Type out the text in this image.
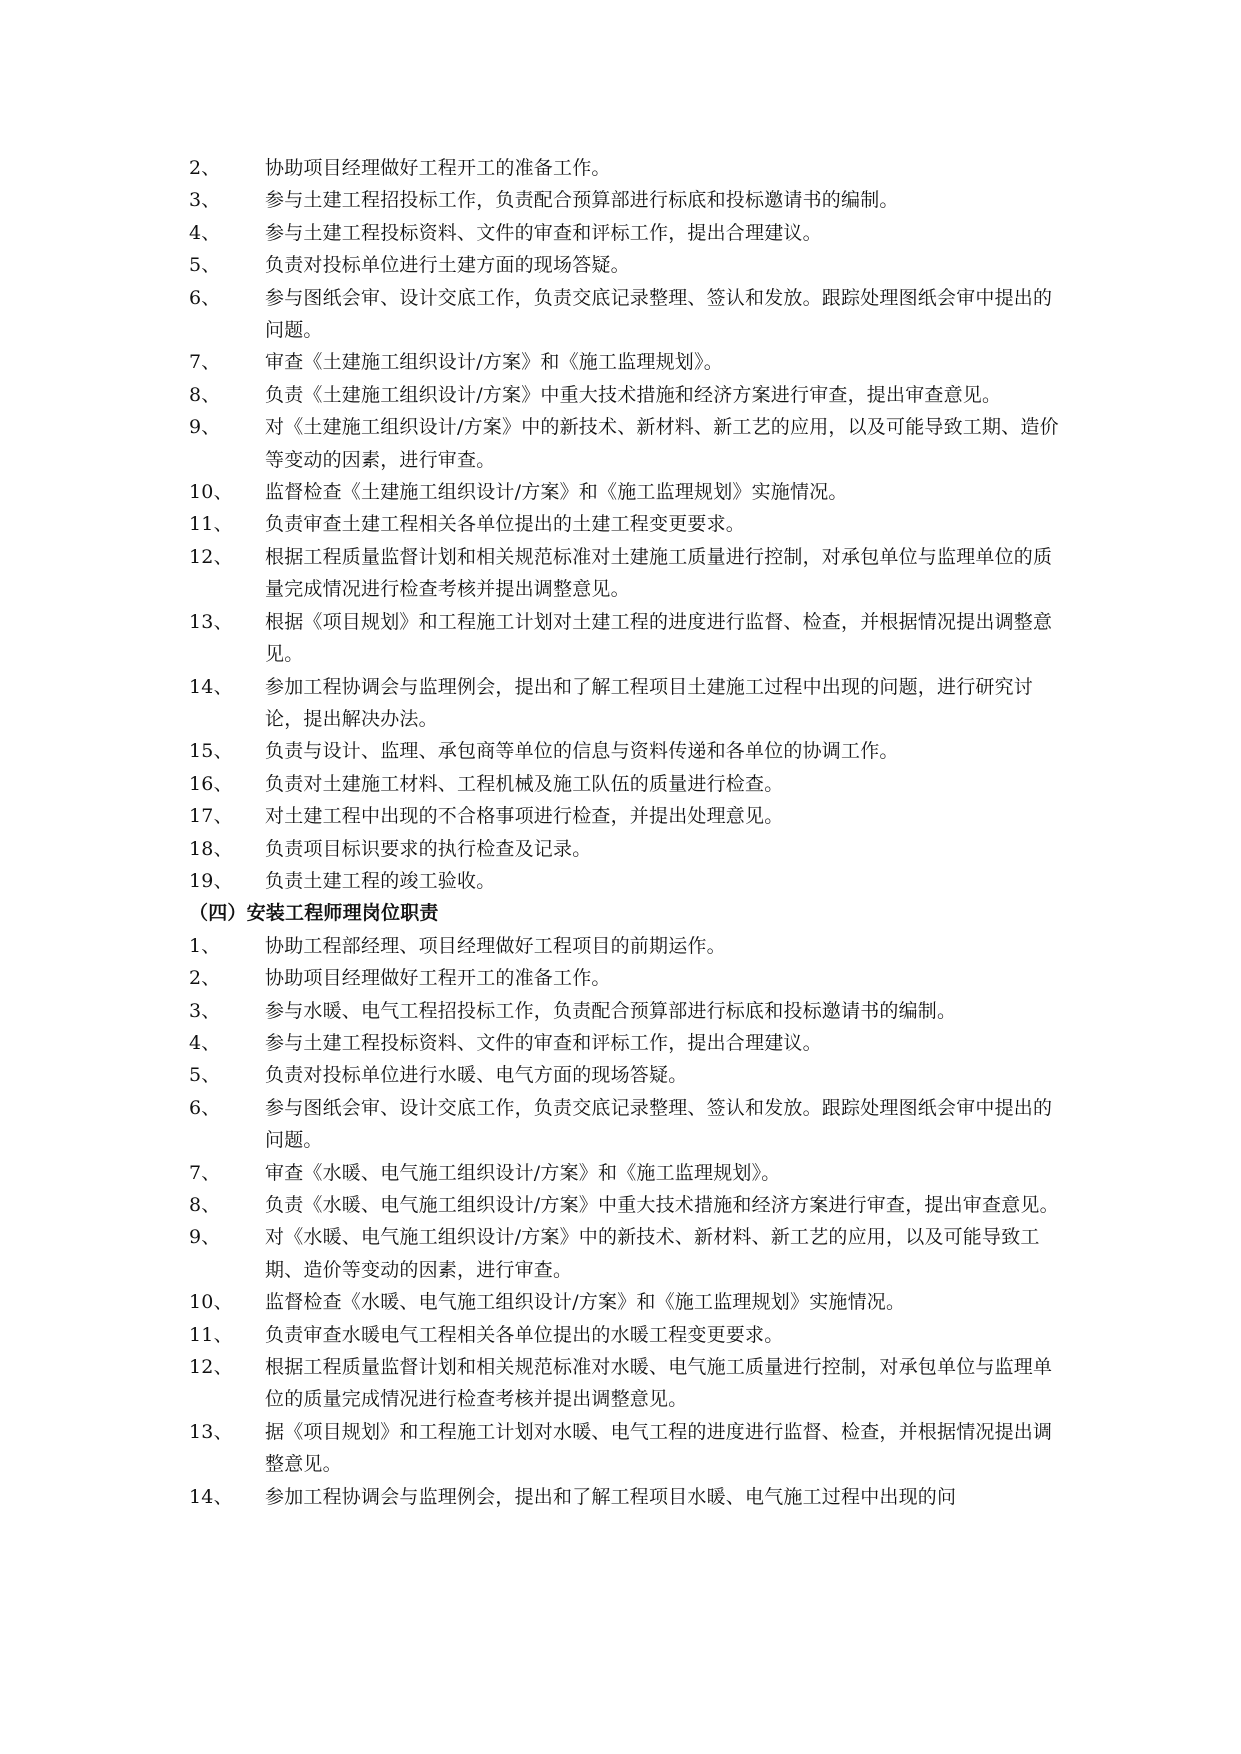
2、	协助项目经理做好工程开工的准备工作。
3、	参与土建工程招投标工作，负责配合预算部进行标底和投标邀请书的编制。
4、	参与土建工程投标资料、文件的审查和评标工作，提出合理建议。
5、	负责对投标单位进行土建方面的现场答疑。
6、	参与图纸会审、设计交底工作，负责交底记录整理、签认和发放。跟踪处理图纸会审中提出的问题。
7、	审查《土建施工组织设计/方案》和《施工监理规划》。
8、	负责《土建施工组织设计/方案》中重大技术措施和经济方案进行审查，提出审查意见。
9、	对《土建施工组织设计/方案》中的新技术、新材料、新工艺的应用，以及可能导致工期、造价等变动的因素，进行审查。
10、	监督检查《土建施工组织设计/方案》和《施工监理规划》实施情况。
11、	负责审查土建工程相关各单位提出的土建工程变更要求。
12、	根据工程质量监督计划和相关规范标准对土建施工质量进行控制，对承包单位与监理单位的质量完成情况进行检查考核并提出调整意见。
13、	根据《项目规划》和工程施工计划对土建工程的进度进行监督、检查，并根据情况提出调整意见。
14、	参加工程协调会与监理例会，提出和了解工程项目土建施工过程中出现的问题，进行研究讨论，提出解决办法。
15、	负责与设计、监理、承包商等单位的信息与资料传递和各单位的协调工作。
16、	负责对土建施工材料、工程机械及施工队伍的质量进行检查。
17、	对土建工程中出现的不合格事项进行检查，并提出处理意见。
18、	负责项目标识要求的执行检查及记录。
19、	负责土建工程的竣工验收。
（四）安装工程师理岗位职责
1、	协助工程部经理、项目经理做好工程项目的前期运作。
2、	协助项目经理做好工程开工的准备工作。
3、	参与水暖、电气工程招投标工作，负责配合预算部进行标底和投标邀请书的编制。
4、	参与土建工程投标资料、文件的审查和评标工作，提出合理建议。
5、	负责对投标单位进行水暖、电气方面的现场答疑。
6、	参与图纸会审、设计交底工作，负责交底记录整理、签认和发放。跟踪处理图纸会审中提出的问题。
7、	审查《水暖、电气施工组织设计/方案》和《施工监理规划》。
8、	负责《水暖、电气施工组织设计/方案》中重大技术措施和经济方案进行审查，提出审查意见。
9、	对《水暖、电气施工组织设计/方案》中的新技术、新材料、新工艺的应用，以及可能导致工期、造价等变动的因素，进行审查。
10、	监督检查《水暖、电气施工组织设计/方案》和《施工监理规划》实施情况。
11、	负责审查水暖电气工程相关各单位提出的水暖工程变更要求。
12、	根据工程质量监督计划和相关规范标准对水暖、电气施工质量进行控制，对承包单位与监理单位的质量完成情况进行检查考核并提出调整意见。
13、	据《项目规划》和工程施工计划对水暖、电气工程的进度进行监督、检查，并根据情况提出调整意见。
14、	参加工程协调会与监理例会，提出和了解工程项目水暖、电气施工过程中出现的问
